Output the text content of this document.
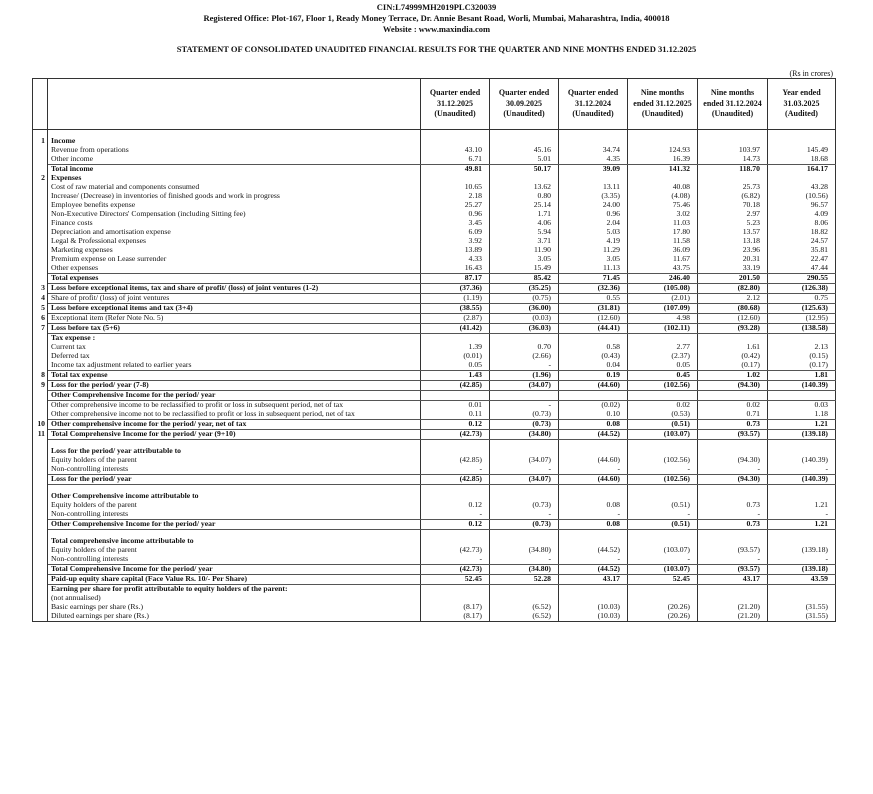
CIN:L74999MH2019PLC320039
Registered Office: Plot-167, Floor 1, Ready Money Terrace, Dr. Annie Besant Road, Worli, Mumbai, Maharashtra, India, 400018
Website : www.maxindia.com
STATEMENT OF CONSOLIDATED UNAUDITED FINANCIAL RESULTS FOR THE QUARTER AND NINE MONTHS ENDED 31.12.2025
(Rs in crores)
		Quarter ended 31.12.2025 (Unaudited)	Quarter ended 30.09.2025 (Unaudited)	Quarter ended 31.12.2024 (Unaudited)	Nine months ended 31.12.2025 (Unaudited)	Nine months ended 31.12.2024 (Unaudited)	Year ended 31.03.2025 (Audited)

1	Income						
	Revenue from operations	43.10	45.16	34.74	124.93	103.97	145.49
	Other income	6.71	5.01	4.35	16.39	14.73	18.68
	Total income	49.81	50.17	39.09	141.32	118.70	164.17
2	Expenses						
	Cost of raw material and components consumed	10.65	13.62	13.11	40.08	25.73	43.28
	Increase/ (Decrease) in inventories of finished goods and work in progress	2.18	0.80	(3.35)	(4.08)	(6.82)	(10.56)
	Employee benefits expense	25.27	25.14	24.00	75.46	70.18	96.57
	Non-Executive Directors' Compensation (including Sitting fee)	0.96	1.71	0.96	3.02	2.97	4.09
	Finance costs	3.45	4.06	2.04	11.03	5.23	8.06
	Depreciation and amortisation expense	6.09	5.94	5.03	17.80	13.57	18.82
	Legal & Professional expenses	3.92	3.71	4.19	11.58	13.18	24.57
	Marketing expenses	13.89	11.90	11.29	36.09	23.96	35.81
	Premium expense on Lease surrender	4.33	3.05	3.05	11.67	20.31	22.47
	Other expenses	16.43	15.49	11.13	43.75	33.19	47.44
	Total expenses	87.17	85.42	71.45	246.40	201.50	290.55
3	Loss before exceptional items, tax and share of profit/ (loss) of joint ventures (1-2)	(37.36)	(35.25)	(32.36)	(105.08)	(82.80)	(126.38)
4	Share of profit/ (loss) of joint ventures	(1.19)	(0.75)	0.55	(2.01)	2.12	0.75
5	Loss before exceptional items and tax (3+4)	(38.55)	(36.00)	(31.81)	(107.09)	(80.68)	(125.63)
6	Exceptional item (Refer Note No. 5)	(2.87)	(0.03)	(12.60)	4.98	(12.60)	(12.95)
7	Loss before tax (5+6)	(41.42)	(36.03)	(44.41)	(102.11)	(93.28)	(138.58)
	Tax expense :						
	Current tax	1.39	0.70	0.58	2.77	1.61	2.13
	Deferred tax	(0.01)	(2.66)	(0.43)	(2.37)	(0.42)	(0.15)
	Income tax adjustment related to earlier years	0.05	-	0.04	0.05	(0.17)	(0.17)
8	Total tax expense	1.43	(1.96)	0.19	0.45	1.02	1.81
9	Loss for the period/ year (7-8)	(42.85)	(34.07)	(44.60)	(102.56)	(94.30)	(140.39)
	Other Comprehensive Income for the period/ year						
	Other comprehensive income to be reclassified to profit or loss in subsequent period, net of tax	0.01	-	(0.02)	0.02	0.02	0.03
	Other comprehensive income not to be reclassified to profit or loss in subsequent period, net of tax	0.11	(0.73)	0.10	(0.53)	0.71	1.18
10	Other comprehensive income for the period/ year, net of tax	0.12	(0.73)	0.08	(0.51)	0.73	1.21
11	Total Comprehensive Income for the period/ year (9+10)	(42.73)	(34.80)	(44.52)	(103.07)	(93.57)	(139.18)

	Loss for the period/ year attributable to						
	Equity holders of the parent	(42.85)	(34.07)	(44.60)	(102.56)	(94.30)	(140.39)
	Non-controlling interests	-	-	-	-	-	-
	Loss for the period/ year	(42.85)	(34.07)	(44.60)	(102.56)	(94.30)	(140.39)

	Other Comprehensive income attributable to						
	Equity holders of the parent	0.12	(0.73)	0.08	(0.51)	0.73	1.21
	Non-controlling interests	-	-	-	-	-	-
	Other Comprehensive Income for the period/ year	0.12	(0.73)	0.08	(0.51)	0.73	1.21

	Total comprehensive income attributable to						
	Equity holders of the parent	(42.73)	(34.80)	(44.52)	(103.07)	(93.57)	(139.18)
	Non-controlling interests	-	-	-	-	-	-
	Total Comprehensive Income for the period/ year	(42.73)	(34.80)	(44.52)	(103.07)	(93.57)	(139.18)
	Paid-up equity share capital (Face Value Rs. 10/- Per Share)	52.45	52.28	43.17	52.45	43.17	43.59
	Earning per share for profit attributable to equity holders of the parent:						
	(not annualised)						
	Basic earnings per share (Rs.)	(8.17)	(6.52)	(10.03)	(20.26)	(21.20)	(31.55)
	Diluted earnings per share (Rs.)	(8.17)	(6.52)	(10.03)	(20.26)	(21.20)	(31.55)
